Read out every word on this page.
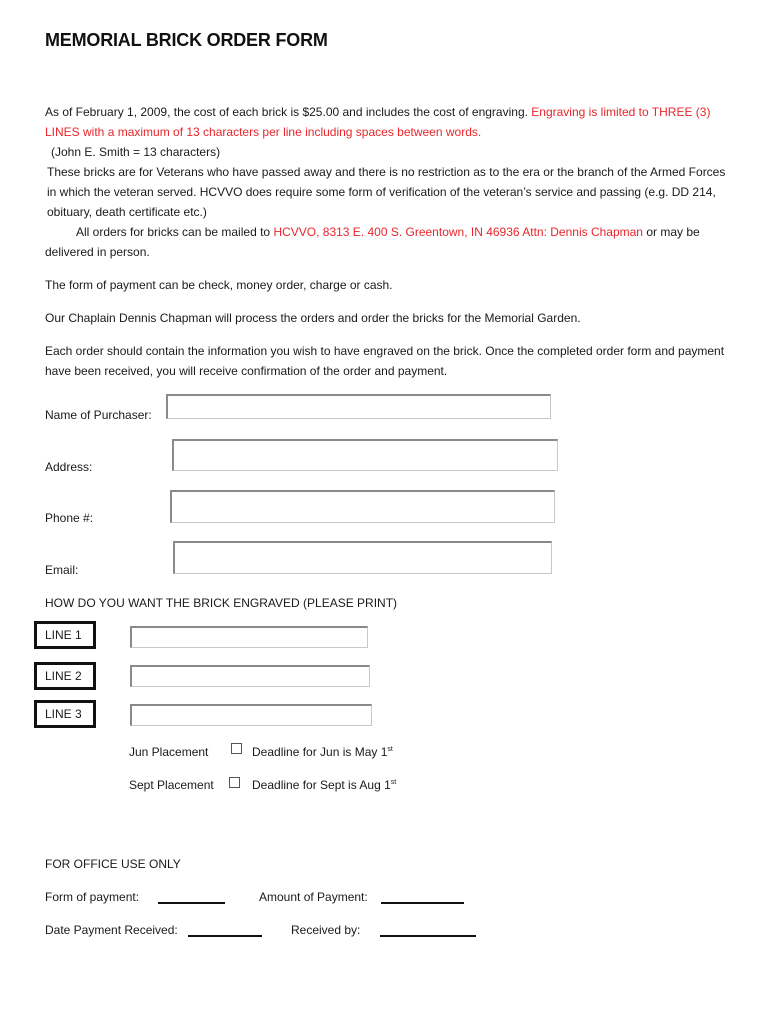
MEMORIAL BRICK ORDER FORM
As of February 1, 2009, the cost of each brick is $25.00 and includes the cost of engraving. Engraving is limited to THREE (3) LINES with a maximum of 13 characters per line including spaces between words.
(John E. Smith = 13 characters)
These bricks are for Veterans who have passed away and there is no restriction as to the era or the branch of the Armed Forces in which the veteran served. HCVVO does require some form of verification of the veteran’s service and passing (e.g. DD 214, obituary, death certificate etc.)
All orders for bricks can be mailed to HCVVO, 8313 E. 400 S. Greentown, IN 46936 Attn: Dennis Chapman or may be delivered in person.
The form of payment can be check, money order, charge or cash.
Our Chaplain Dennis Chapman will process the orders and order the bricks for the Memorial Garden.
Each order should contain the information you wish to have engraved on the brick. Once the completed order form and payment have been received, you will receive confirmation of the order and payment.
Name of Purchaser:
Address:
Phone #:
Email:
HOW DO YOU WANT THE BRICK ENGRAVED (PLEASE PRINT)
LINE 1
LINE 2
LINE 3
Jun Placement	Deadline for Jun is May 1st
Sept Placement	Deadline for Sept is Aug 1st
FOR OFFICE USE ONLY
Form of payment:	Amount of Payment:
Date Payment Received:	Received by:
